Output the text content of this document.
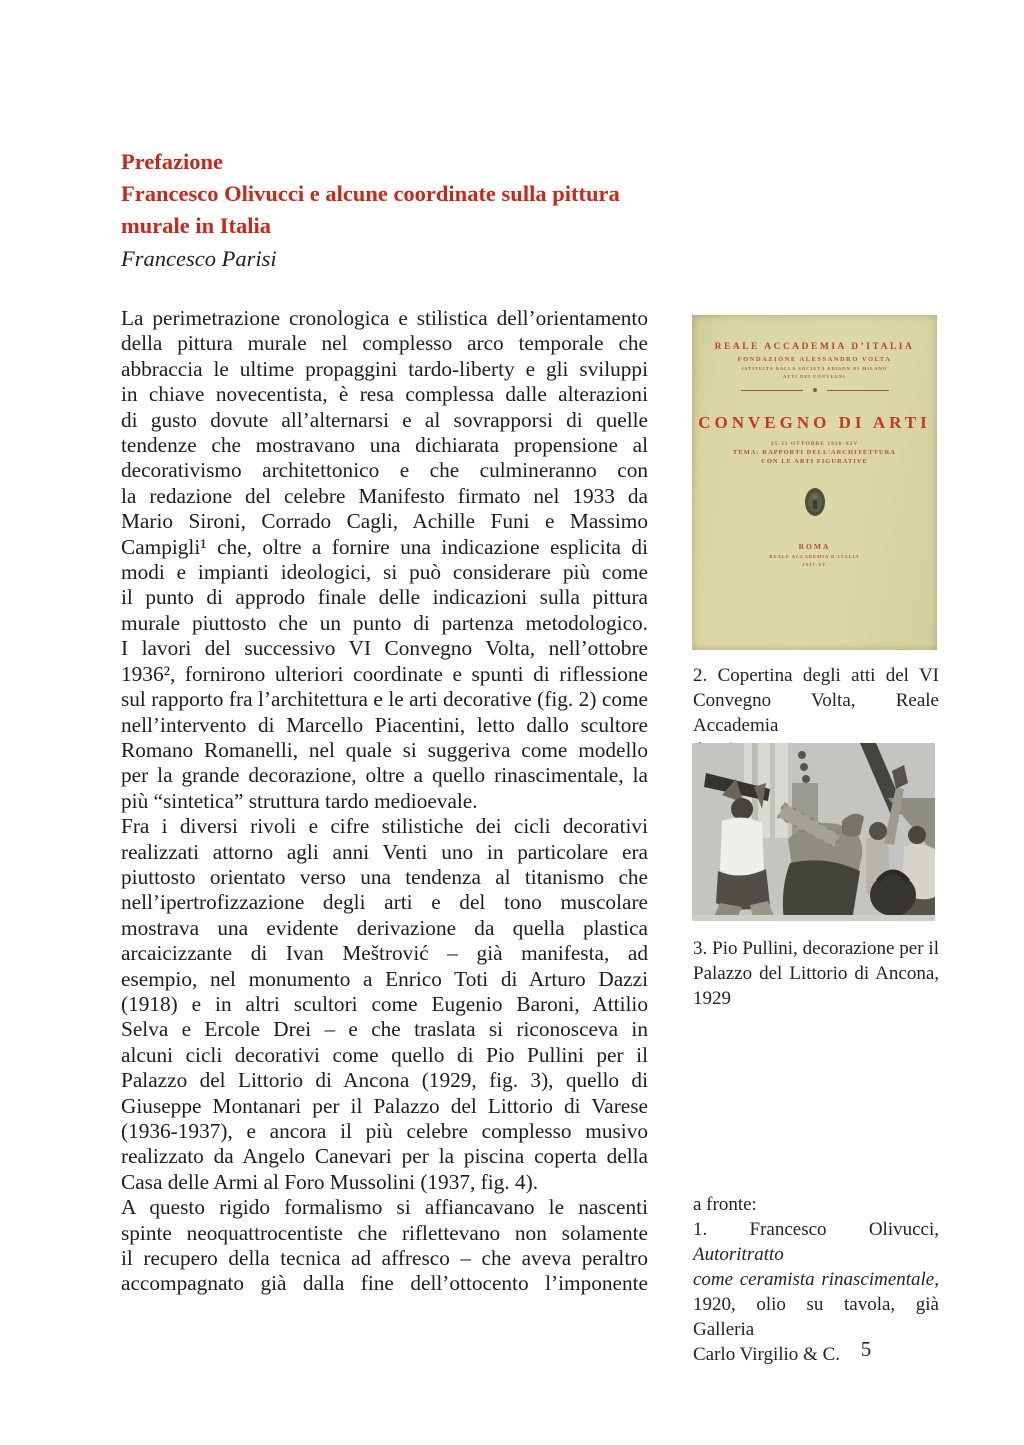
Prefazione
Francesco Olivucci e alcune coordinate sulla pittura
murale in Italia
Francesco Parisi
La perimetrazione cronologica e stilistica dell’orientamento
della pittura murale nel complesso arco temporale che
abbraccia le ultime propaggini tardo-liberty e gli sviluppi
in chiave novecentista, è resa complessa dalle alterazioni
di gusto dovute all’alternarsi e al sovrapporsi di quelle
tendenze che mostravano una dichiarata propensione al
decorativismo architettonico e che culmineranno con
la redazione del celebre Manifesto firmato nel 1933 da
Mario Sironi, Corrado Cagli, Achille Funi e Massimo
Campigli¹ che, oltre a fornire una indicazione esplicita di
modi e impianti ideologici, si può considerare più come
il punto di approdo finale delle indicazioni sulla pittura
murale piuttosto che un punto di partenza metodologico.
I lavori del successivo VI Convegno Volta, nell’ottobre
1936², fornirono ulteriori coordinate e spunti di riflessione
sul rapporto fra l’architettura e le arti decorative (fig. 2) come
nell’intervento di Marcello Piacentini, letto dallo scultore
Romano Romanelli, nel quale si suggeriva come modello
per la grande decorazione, oltre a quello rinascimentale, la
più “sintetica” struttura tardo medioevale.
Fra i diversi rivoli e cifre stilistiche dei cicli decorativi
realizzati attorno agli anni Venti uno in particolare era
piuttosto orientato verso una tendenza al titanismo che
nell’ipertrofizzazione degli arti e del tono muscolare
mostrava una evidente derivazione da quella plastica
arcaicizzante di Ivan Meštrović – già manifesta, ad
esempio, nel monumento a Enrico Toti di Arturo Dazzi
(1918) e in altri scultori come Eugenio Baroni, Attilio
Selva e Ercole Drei – e che traslata si riconosceva in
alcuni cicli decorativi come quello di Pio Pullini per il
Palazzo del Littorio di Ancona (1929, fig. 3), quello di
Giuseppe Montanari per il Palazzo del Littorio di Varese
(1936-1937), e ancora il più celebre complesso musivo
realizzato da Angelo Canevari per la piscina coperta della
Casa delle Armi al Foro Mussolini (1937, fig. 4).
A questo rigido formalismo si affiancavano le nascenti
spinte neoquattrocentiste che riflettevano non solamente
il recupero della tecnica ad affresco – che aveva peraltro
accompagnato già dalla fine dell’ottocento l’imponente
REALE ACCADEMIA D’ITALIA
FONDAZIONE ALESSANDRO VOLTA
ISTITUITA DALLA SOCIETÀ EDISON DI MILANO
ATTI DEI CONVEGNI
CONVEGNO DI ARTI
25-31 OTTOBRE 1936-XIV
TEMA: RAPPORTI DELL’ARCHITETTURA
CON LE ARTI FIGURATIVE
ROMA
REALE ACCADEMIA D’ITALIA
1937-XV
2. Copertina degli atti del VI
Convegno Volta, Reale Accademia
3. Pio Pullini, decorazione per il
Palazzo del Littorio di Ancona,
1929
a fronte:
1. Francesco Olivucci, Autoritratto
come ceramista rinascimentale,
1920, olio su tavola, già Galleria
Carlo Virgilio & C. 5
